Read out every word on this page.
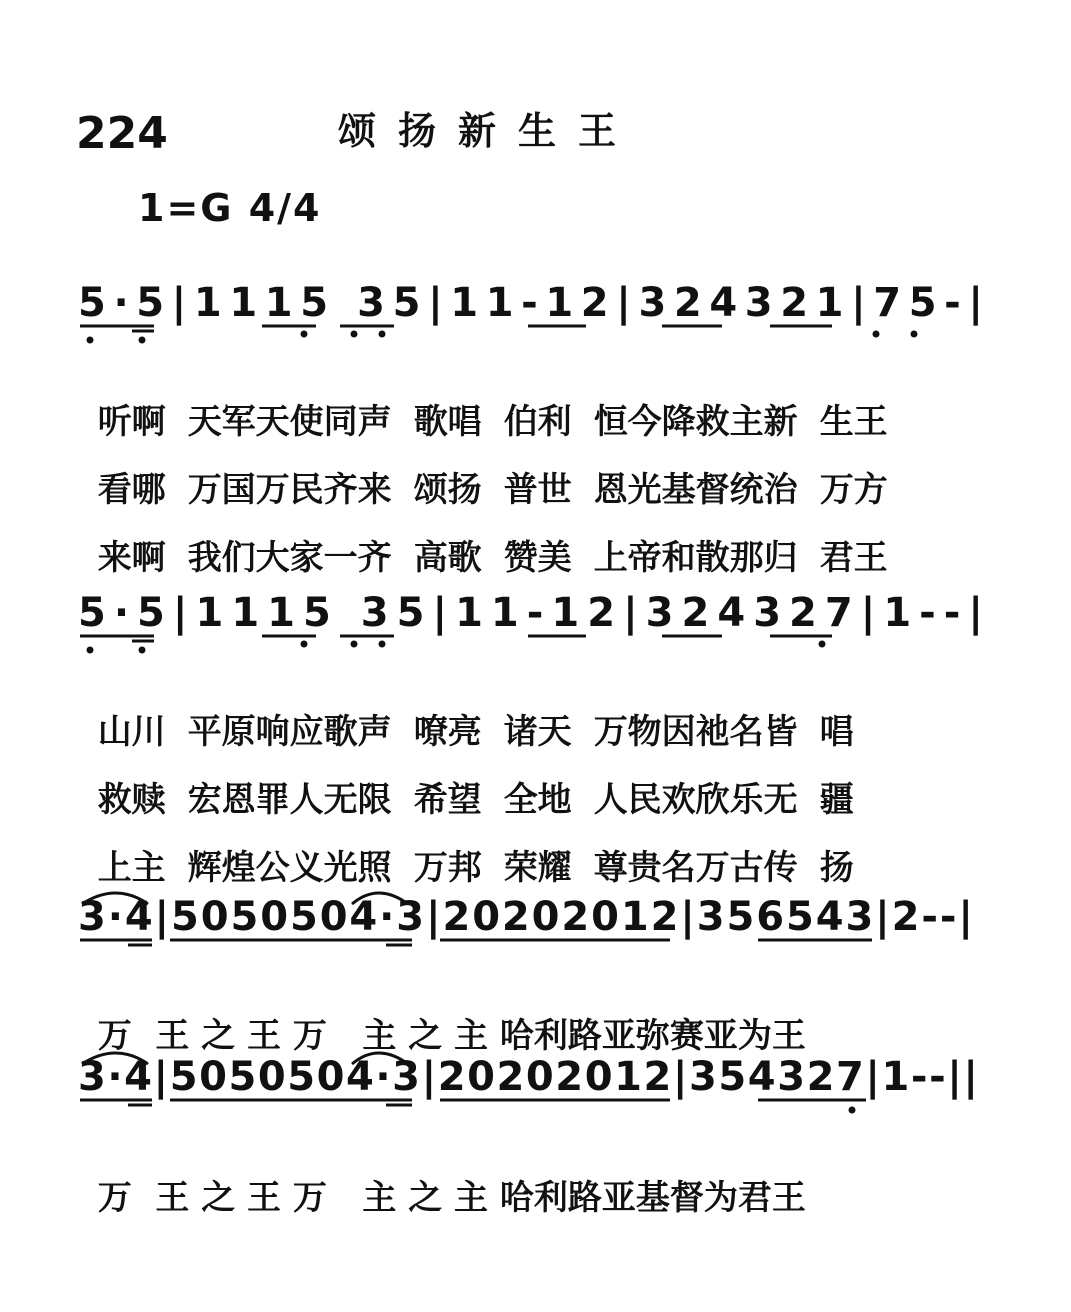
224	颂扬新生王
1=G 4/4
5·5|1115 35|11-12|324321|75-|

听啊 天军天使同声 歌唱 伯利 恒今降救主新 生王

看哪 万国万民齐来 颂扬 普世 恩光基督统治 万方

来啊 我们大家一齐 高歌 赞美 上帝和散那归 君王

5·5|1115 35|11-12|324327|1--|

山川 平原响应歌声 嘹亮 诸天 万物因祂名皆 唱

救赎 宏恩罪人无限 希望 全地 人民欢欣乐无 疆

上主 辉煌公义光照 万邦 荣耀 尊贵名万古传 扬

3·4|5050504·3|20202012|356543|2--|

万  王 之 王 万   主 之 主 哈利路亚弥赛亚为王

3·4|5050504·3|20202012|354327|1--||

万  王 之 王 万   主 之 主 哈利路亚基督为君王
